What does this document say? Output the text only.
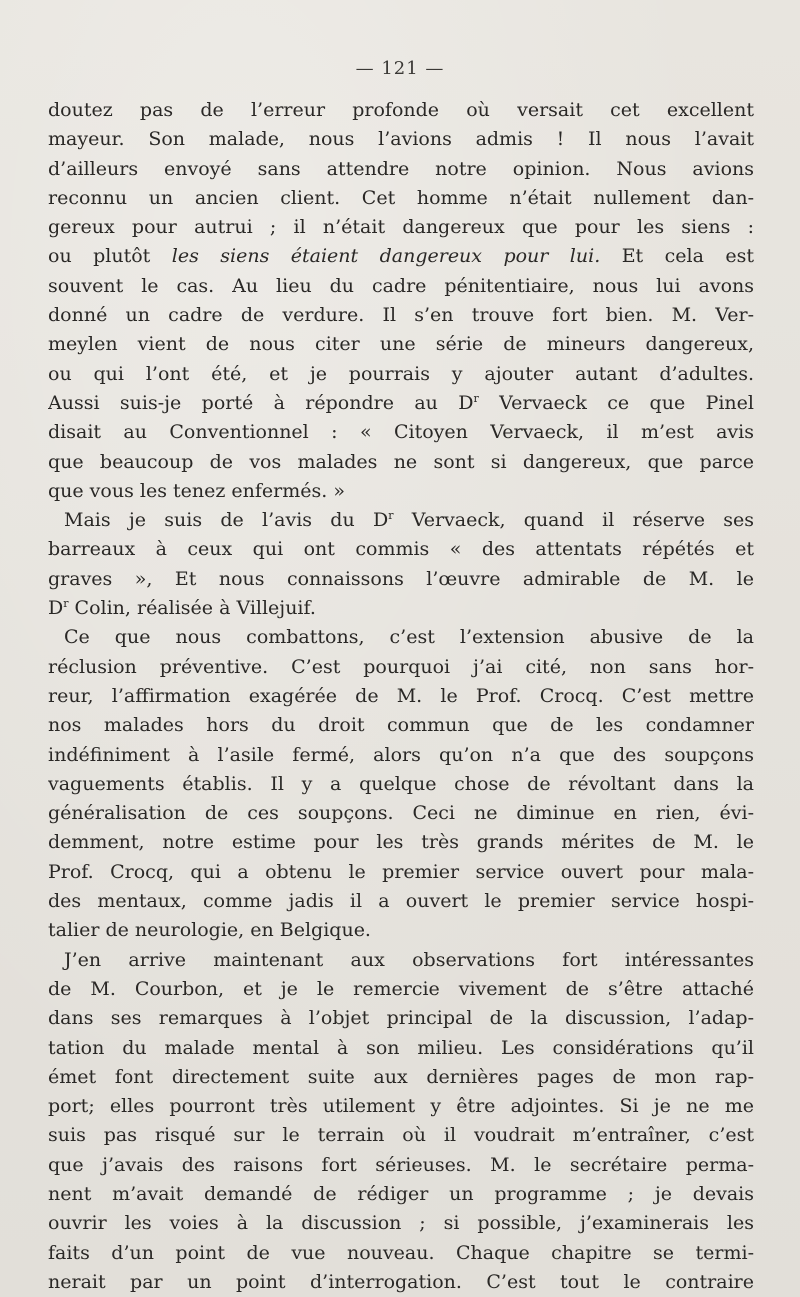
— 121 —
doutez pas de l’erreur profonde où versait cet excellent
mayeur. Son malade, nous l’avions admis ! Il nous l’avait
d’ailleurs envoyé sans attendre notre opinion. Nous avions
reconnu un ancien client. Cet homme n’était nullement dan-
gereux pour autrui ; il n’était dangereux que pour les siens :
ou plutôt les siens étaient dangereux pour lui. Et cela est
souvent le cas. Au lieu du cadre pénitentiaire, nous lui avons
donné un cadre de verdure. Il s’en trouve fort bien. M. Ver-
meylen vient de nous citer une série de mineurs dangereux,
ou qui l’ont été, et je pourrais y ajouter autant d’adultes.
Aussi suis-je porté à répondre au $D^r$ Vervaeck ce que Pinel
disait au Conventionnel : « Citoyen Vervaeck, il m’est avis
que beaucoup de vos malades ne sont si dangereux, que parce
que vous les tenez enfermés. »
Mais je suis de l’avis du $D^r$ Vervaeck, quand il réserve ses
barreaux à ceux qui ont commis « des attentats répétés et
graves », Et nous connaissons l’œuvre admirable de M. le
$D^r$ Colin, réalisée à Villejuif.
Ce que nous combattons, c’est l’extension abusive de la
réclusion préventive. C’est pourquoi j’ai cité, non sans hor-
reur, l’affirmation exagérée de M. le Prof. Crocq. C’est mettre
nos malades hors du droit commun que de les condamner
indéfiniment à l’asile fermé, alors qu’on n’a que des soupçons
vaguements établis. Il y a quelque chose de révoltant dans la
généralisation de ces soupçons. Ceci ne diminue en rien, évi-
demment, notre estime pour les très grands mérites de M. le
Prof. Crocq, qui a obtenu le premier service ouvert pour mala-
des mentaux, comme jadis il a ouvert le premier service hospi-
talier de neurologie, en Belgique.
J’en arrive maintenant aux observations fort intéressantes
de M. Courbon, et je le remercie vivement de s’être attaché
dans ses remarques à l’objet principal de la discussion, l’adap-
tation du malade mental à son milieu. Les considérations qu’il
émet font directement suite aux dernières pages de mon rap-
port; elles pourront très utilement y être adjointes. Si je ne me
suis pas risqué sur le terrain où il voudrait m’entraîner, c’est
que j’avais des raisons fort sérieuses. M. le secrétaire perma-
nent m’avait demandé de rédiger un programme ; je devais
ouvrir les voies à la discussion ; si possible, j’examinerais les
faits d’un point de vue nouveau. Chaque chapitre se termi-
nerait par un point d’interrogation. C’est tout le contraire
